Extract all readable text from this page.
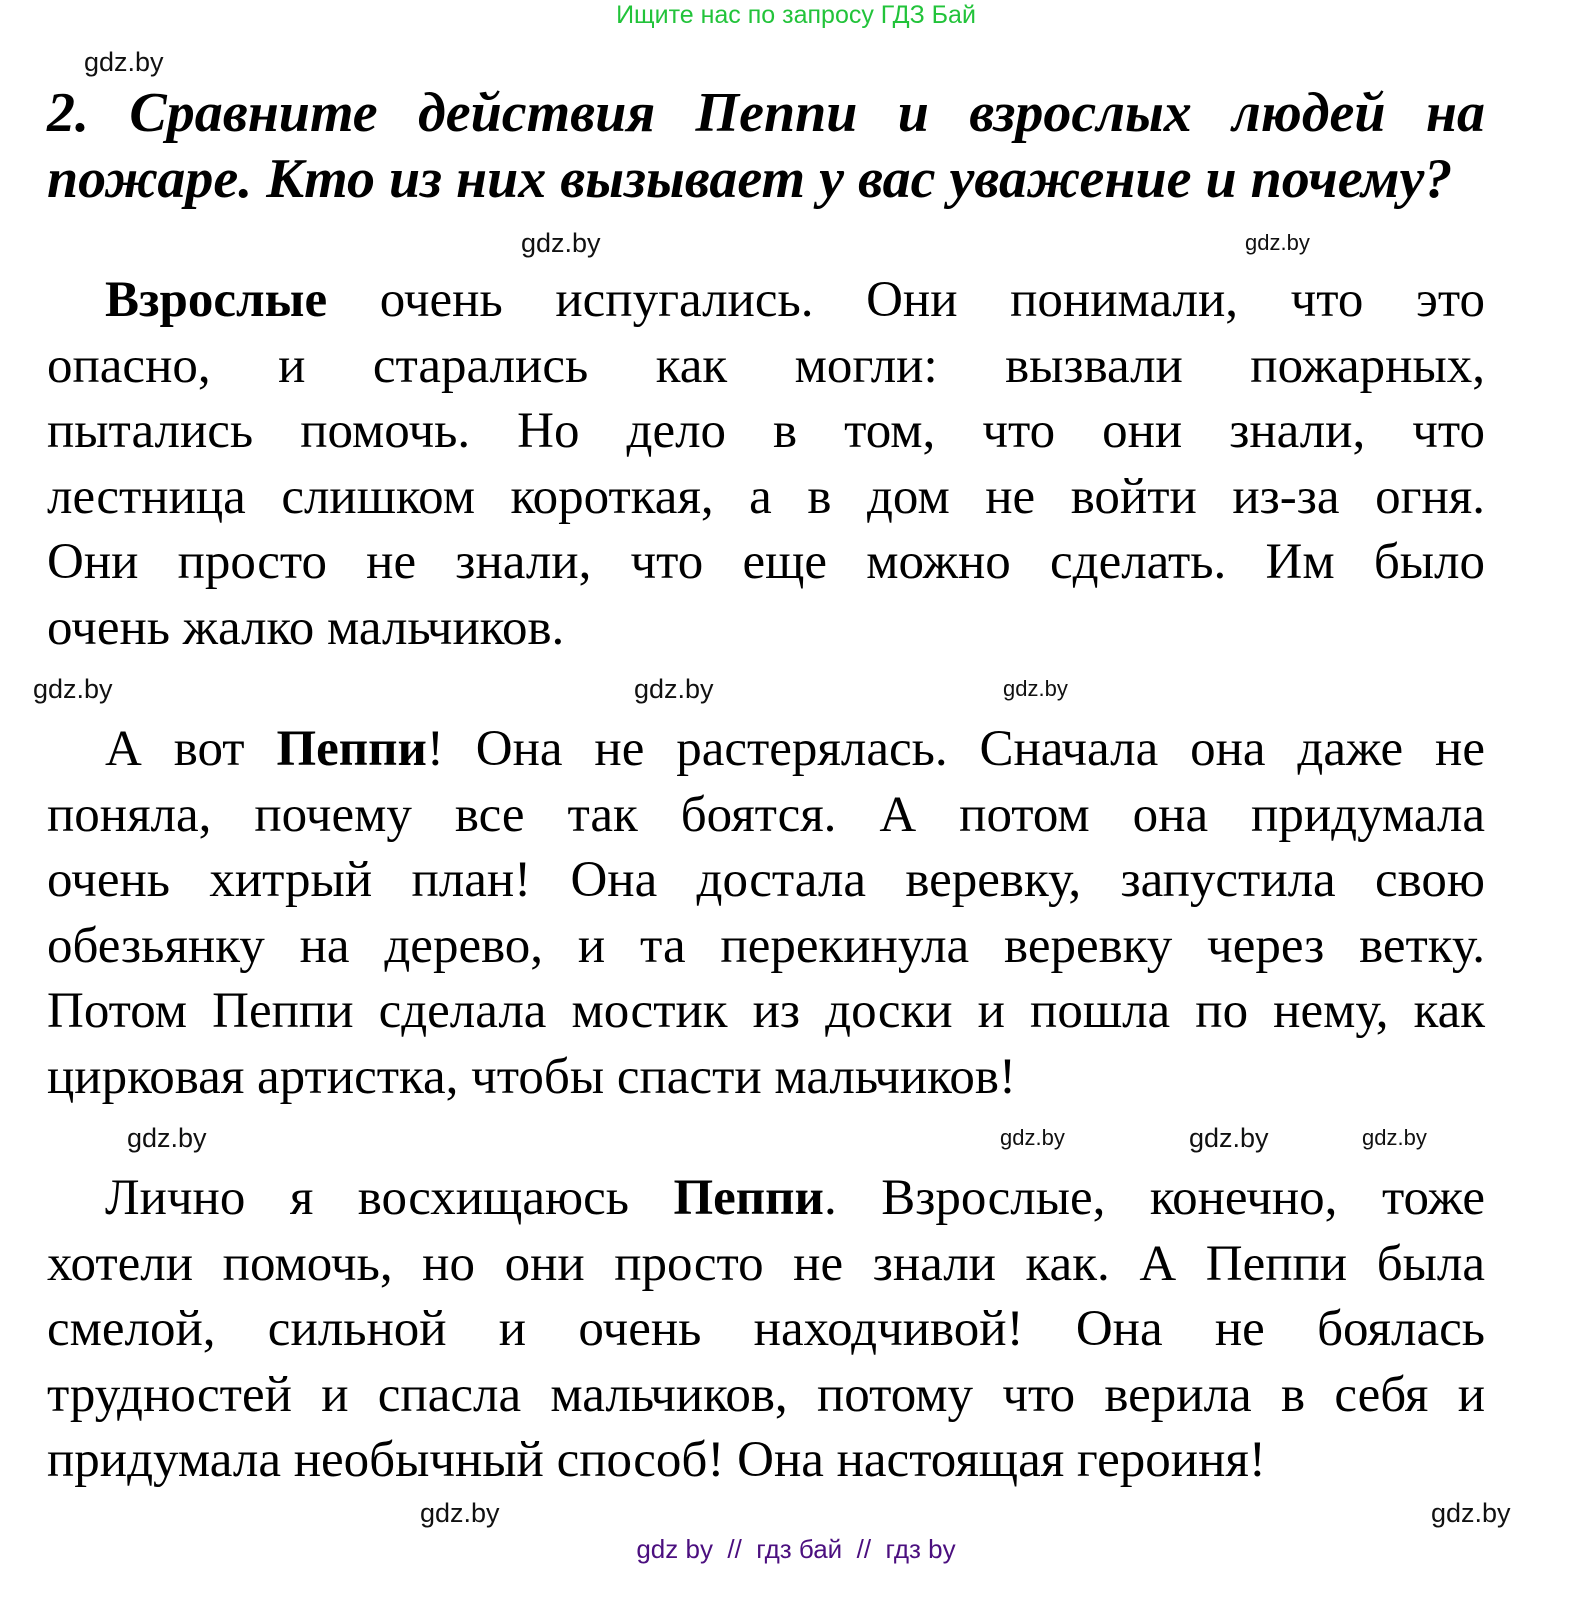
Ищите нас по запросу ГДЗ Бай
2. Сравните действия Пеппи и взрослых людей на
пожаре. Кто из них вызывает у вас уважение и почему?
Взрослые очень испугались. Они понимали, что это
опасно, и старались как могли: вызвали пожарных,
пытались помочь. Но дело в том, что они знали, что
лестница слишком короткая, а в дом не войти из-за огня.
Они просто не знали, что еще можно сделать. Им было
очень жалко мальчиков.
А вот Пеппи! Она не растерялась. Сначала она даже не
поняла, почему все так боятся. А потом она придумала
очень хитрый план! Она достала веревку, запустила свою
обезьянку на дерево, и та перекинула веревку через ветку.
Потом Пеппи сделала мостик из доски и пошла по нему, как
цирковая артистка, чтобы спасти мальчиков!
Лично я восхищаюсь Пеппи. Взрослые, конечно, тоже
хотели помочь, но они просто не знали как. А Пеппи была
смелой, сильной и очень находчивой! Она не боялась
трудностей и спасла мальчиков, потому что верила в себя и
придумала необычный способ! Она настоящая героиня!
gdz.by
gdz.by
gdz.by
gdz.by
gdz.by
gdz.by
gdz.by
gdz.by	gdz.by
gdz.by
gdz.by
gdz.by
gdz by  //  гдз бай  //  гдз by
